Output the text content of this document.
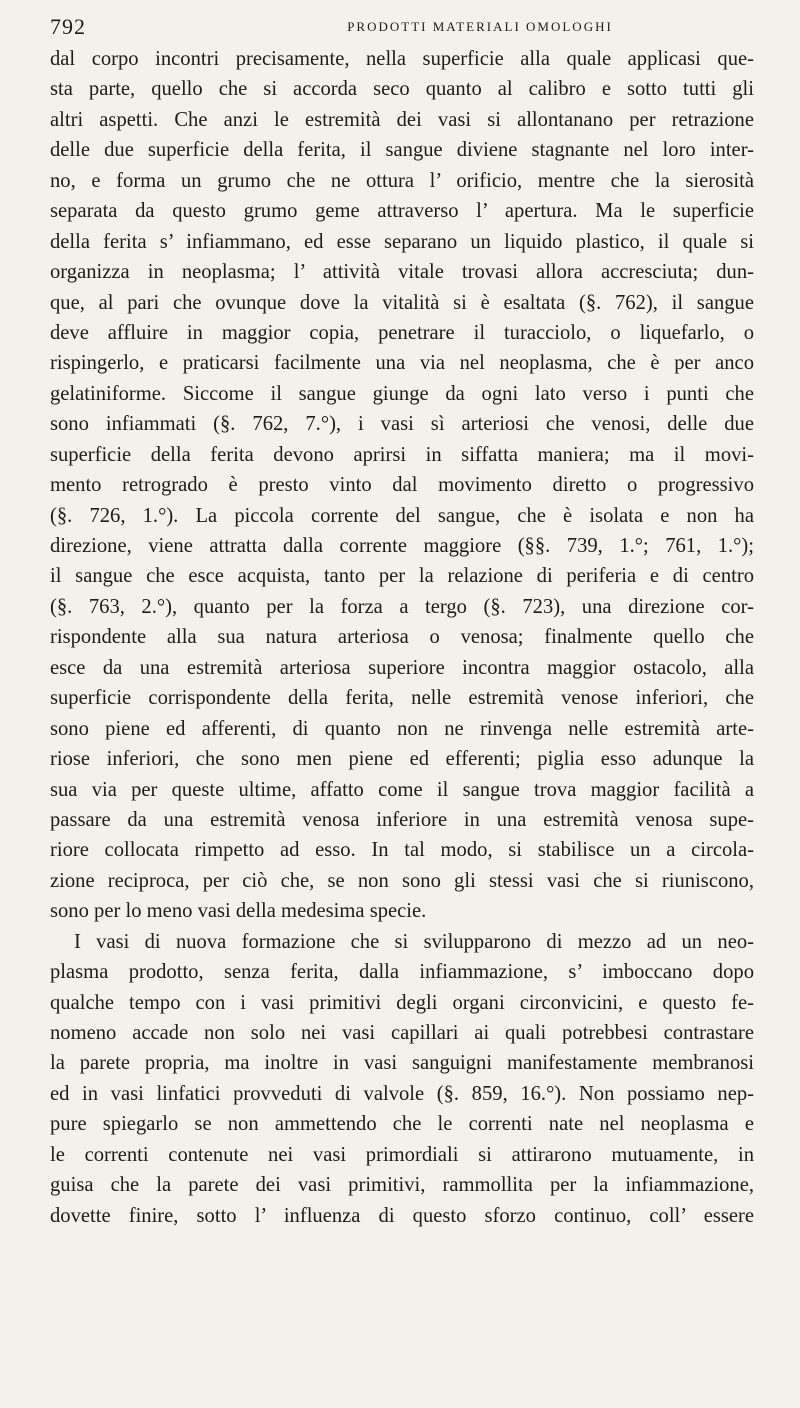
792	PRODOTTI MATERIALI OMOLOGHI
dal corpo incontri precisamente, nella superficie alla quale applicasi que-
sta parte, quello che si accorda seco quanto al calibro e sotto tutti gli
altri aspetti. Che anzi le estremità dei vasi si allontanano per retrazione
delle due superficie della ferita, il sangue diviene stagnante nel loro inter-
no, e forma un grumo che ne ottura l’ orificio, mentre che la sierosità
separata da questo grumo geme attraverso l’ apertura. Ma le superficie
della ferita s’ infiammano, ed esse separano un liquido plastico, il quale si
organizza in neoplasma; l’ attività vitale trovasi allora accresciuta; dun-
que, al pari che ovunque dove la vitalità si è esaltata (§. 762), il sangue
deve affluire in maggior copia, penetrare il turacciolo, o liquefarlo, o
rispingerlo, e praticarsi facilmente una via nel neoplasma, che è per anco
gelatiniforme. Siccome il sangue giunge da ogni lato verso i punti che
sono infiammati (§. 762, 7.°), i vasi sì arteriosi che venosi, delle due
superficie della ferita devono aprirsi in siffatta maniera; ma il movi-
mento retrogrado è presto vinto dal movimento diretto o progressivo
(§. 726, 1.°). La piccola corrente del sangue, che è isolata e non ha
direzione, viene attratta dalla corrente maggiore (§§. 739, 1.°; 761, 1.°);
il sangue che esce acquista, tanto per la relazione di periferia e di centro
(§. 763, 2.°), quanto per la forza a tergo (§. 723), una direzione cor-
rispondente alla sua natura arteriosa o venosa; finalmente quello che
esce da una estremità arteriosa superiore incontra maggior ostacolo, alla
superficie corrispondente della ferita, nelle estremità venose inferiori, che
sono piene ed afferenti, di quanto non ne rinvenga nelle estremità arte-
riose inferiori, che sono men piene ed efferenti; piglia esso adunque la
sua via per queste ultime, affatto come il sangue trova maggior facilità a
passare da una estremità venosa inferiore in una estremità venosa supe-
riore collocata rimpetto ad esso. In tal modo, si stabilisce un a circola-
zione reciproca, per ciò che, se non sono gli stessi vasi che si riuniscono,
sono per lo meno vasi della medesima specie.
I vasi di nuova formazione che si svilupparono di mezzo ad un neo-
plasma prodotto, senza ferita, dalla infiammazione, s’ imboccano dopo
qualche tempo con i vasi primitivi degli organi circonvicini, e questo fe-
nomeno accade non solo nei vasi capillari ai quali potrebbesi contrastare
la parete propria, ma inoltre in vasi sanguigni manifestamente membranosi
ed in vasi linfatici provveduti di valvole (§. 859, 16.°). Non possiamo nep-
pure spiegarlo se non ammettendo che le correnti nate nel neoplasma e
le correnti contenute nei vasi primordiali si attirarono mutuamente, in
guisa che la parete dei vasi primitivi, rammollita per la infiammazione,
dovette finire, sotto l’ influenza di questo sforzo continuo, coll’ essere
